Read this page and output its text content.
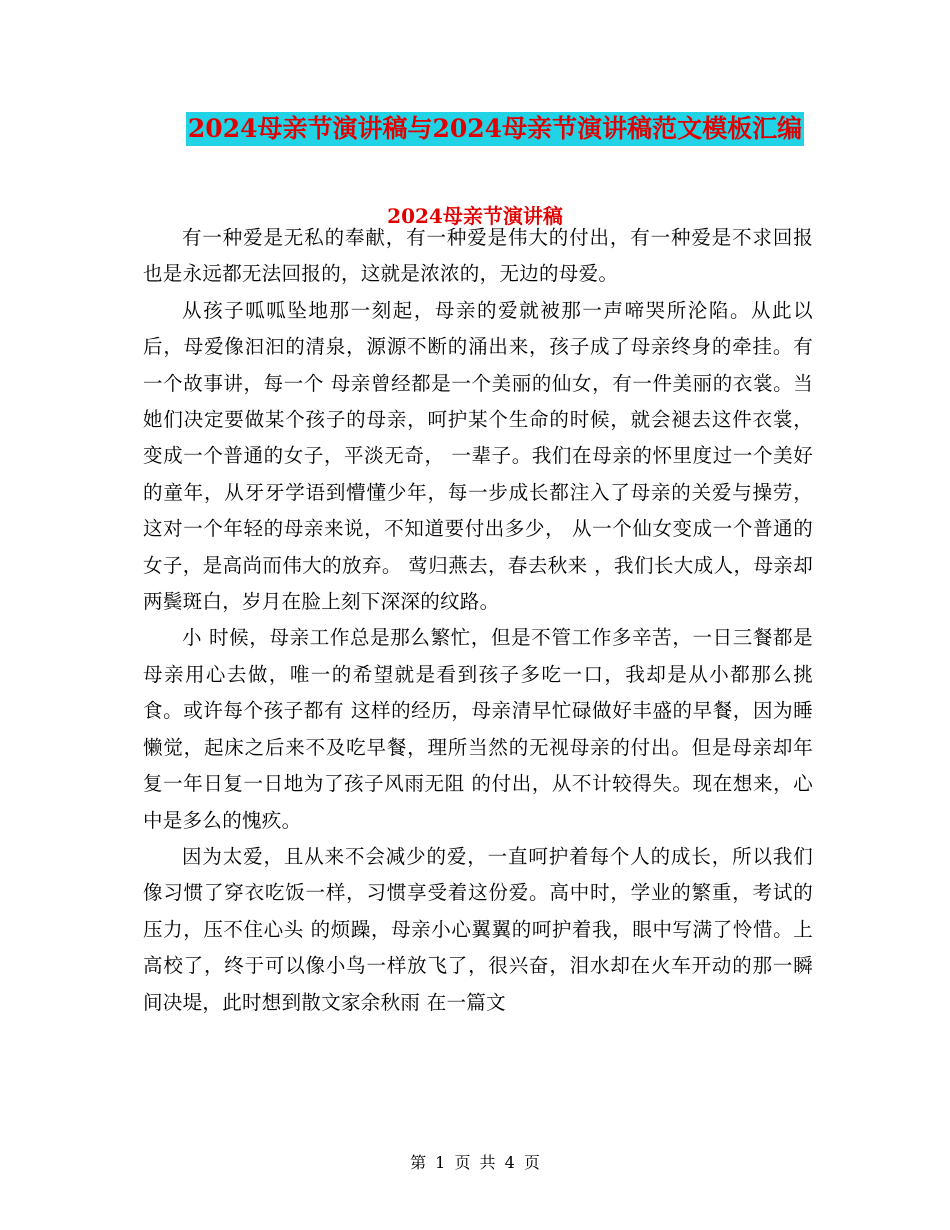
2024母亲节演讲稿与2024母亲节演讲稿范文模板汇编
2024母亲节演讲稿

有一种爱是无私的奉献，有一种爱是伟大的付出，有一种爱是不求回报也是永远都无法回报的，这就是浓浓的，无边的母爱。

从孩子呱呱坠地那一刻起，母亲的爱就被那一声啼哭所沦陷。从此以后，母爱像汩汩的清泉，源源不断的涌出来，孩子成了母亲终身的牵挂。有一个故事讲，每一个 母亲曾经都是一个美丽的仙女，有一件美丽的衣裳。当她们决定要做某个孩子的母亲，呵护某个生命的时候，就会褪去这件衣裳，变成一个普通的女子，平淡无奇， 一辈子。我们在母亲的怀里度过一个美好的童年，从牙牙学语到懵懂少年，每一步成长都注入了母亲的关爱与操劳，这对一个年轻的母亲来说，不知道要付出多少， 从一个仙女变成一个普通的女子，是高尚而伟大的放弃。 莺归燕去，春去秋来 ，我们长大成人，母亲却两鬓斑白，岁月在脸上刻下深深的纹路。

小 时候，母亲工作总是那么繁忙，但是不管工作多辛苦，一日三餐都是母亲用心去做，唯一的希望就是看到孩子多吃一口，我却是从小都那么挑食。或许每个孩子都有 这样的经历，母亲清早忙碌做好丰盛的早餐，因为睡懒觉，起床之后来不及吃早餐，理所当然的无视母亲的付出。但是母亲却年复一年日复一日地为了孩子风雨无阻 的付出，从不计较得失。现在想来，心中是多么的愧疚。

因为太爱，且从来不会减少的爱，一直呵护着每个人的成长，所以我们像习惯了穿衣吃饭一样，习惯享受着这份爱。高中时，学业的繁重，考试的压力，压不住心头 的烦躁，母亲小心翼翼的呵护着我，眼中写满了怜惜。上高校了，终于可以像小鸟一样放飞了，很兴奋，泪水却在火车开动的那一瞬间决堤，此时想到散文家余秋雨 在一篇文

第 1 页 共 4 页
